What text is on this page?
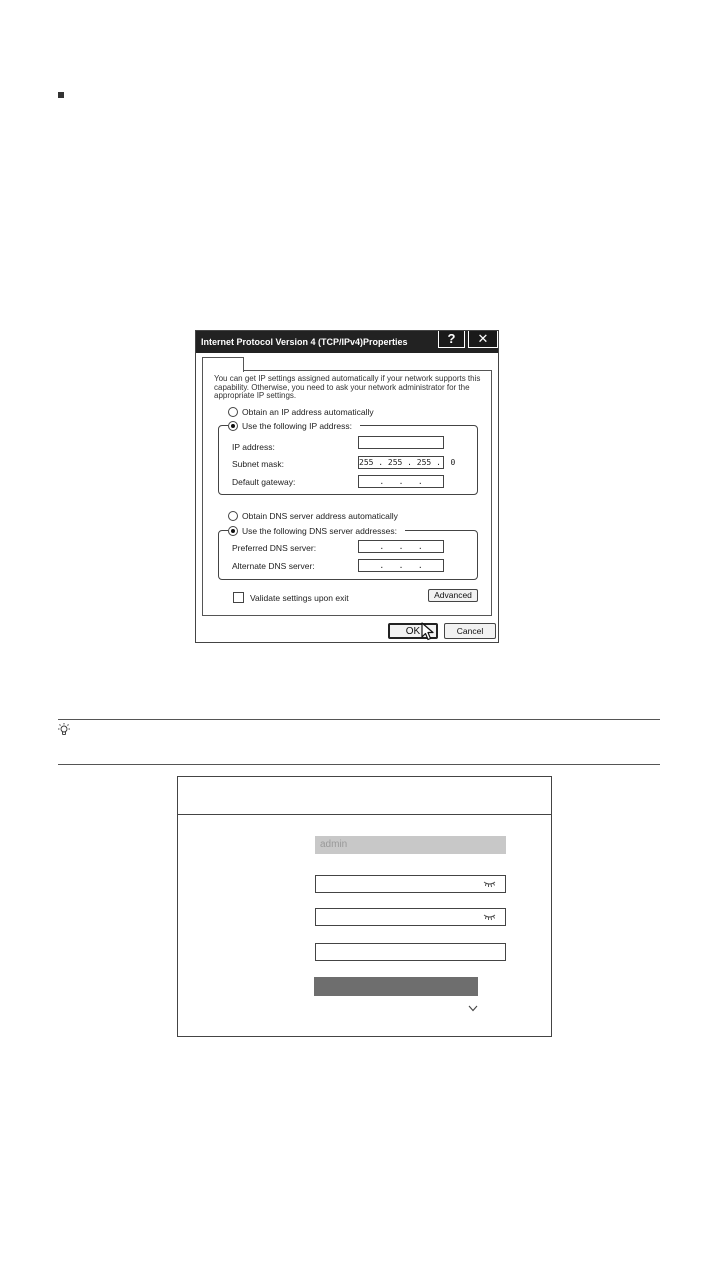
Internet Protocol Version 4 (TCP/IPv4)Properties	?	✕
You can get IP settings assigned automatically if your network supports this capability. Otherwise, you need to ask your network administrator for the appropriate IP settings.
Obtain an IP address automatically
Use the following IP address:
IP address:
Subnet mask:	255 . 255 . 255 .  0
Default gateway:	.   .   .
Obtain DNS server address automatically
Use the following DNS server addresses:
Preferred DNS server:	.   .   .
Alternate DNS server:	.   .   .
Validate settings upon exit	Advanced
OK	Cancel
admin
